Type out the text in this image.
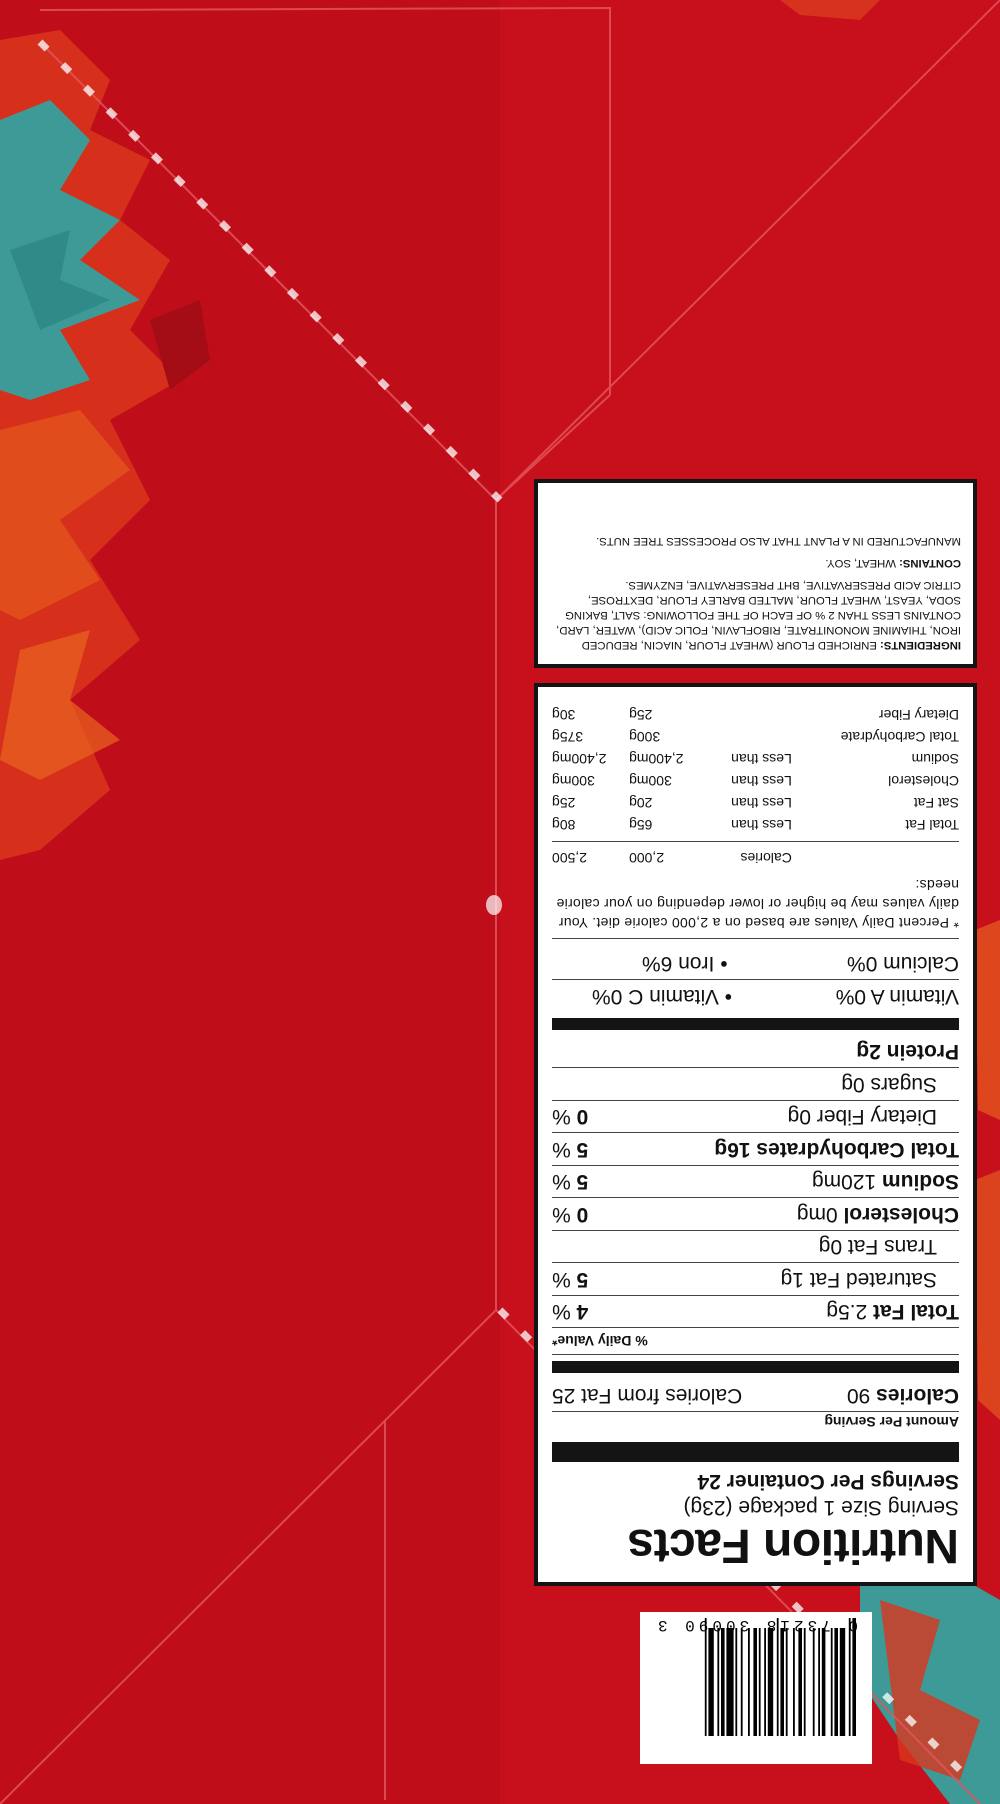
INGREDIENTS: ENRICHED FLOUR (WHEAT FLOUR, NIACIN, REDUCED IRON, THIAMINE MONONITRATE, RIBOFLAVIN, FOLIC ACID), WATER, LARD, CONTAINS LESS THAN 2 % OF EACH OF THE FOLLOWING: SALT, BAKING SODA, YEAST, WHEAT FLOUR, MALTED BARLEY FLOUR, DEXTROSE, CITRIC ACID PRESERVATIVE, BHT PRESERVATIVE, ENZYMES.
CONTAINS: WHEAT, SOY.
MANUFACTURED IN A PLANT THAT ALSO PROCESSES TREE NUTS.
Nutrition Facts
Serving Size 1 package (23g)
Servings Per Container 24
Amount Per Serving
Calories 90
Calories from Fat 25
% Daily Value*
Total Fat 2.5g
4 %
Saturated Fat 1g
5 %
Trans Fat 0g
Cholesterol 0mg
0 %
Sodium 120mg
5 %
Total Carbohydrates 16g
5 %
Dietary Fiber 0g
0 %
Sugars 0g
Protein 2g
Vitamin A 0%
• Vitamin C 0%
Calcium 0%
• Iron 6%
* Percent Daily Values are based on a 2,000 calorie diet. Your daily values may be higher or lower depending on your calorie needs:
	Calories	2,000	2,500
Total Fat	Less than	65g	80g
Sat Fat	Less than	20g	25g
Cholesterol	Less than	300mg	300mg
Sodium	Less than	2,400mg	2,400mg
Total Carbohydrate		300g	375g
Dietary Fiber		25g	30g
0 73218 30090 3
